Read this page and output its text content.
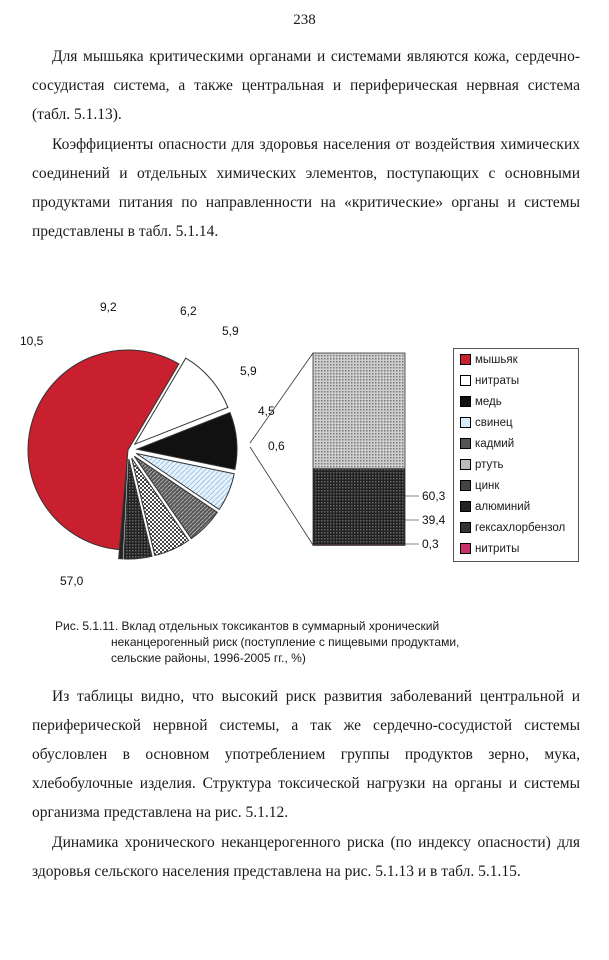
238

Для мышьяка критическими органами и системами являются кожа, сердечно-сосудистая система, а также центральная и периферическая нервная система (табл. 5.1.13).

Коэффициенты опасности для здоровья населения от воздействия химических соединений и отдельных химических элементов, поступающих с основными продуктами питания по направленности на «критические» органы и системы представлены в табл. 5.1.14.

57,0
10,5
9,2	6,2
5,9
5,9
4,5
0,6
60,3
39,4
0,3
мышьяк
нитраты
медь
свинец
кадмий
ртуть
цинк
алюминий
гексахлорбензол
нитриты
Рис. 5.1.11. Вклад отдельных токсикантов в суммарный хронический
неканцерогенный риск (поступление с пищевыми продуктами,
сельские районы, 1996-2005 гг., %)

Из таблицы видно, что высокий риск развития заболеваний центральной и периферической нервной системы, а так же сердечно-сосудистой системы обусловлен в основном употреблением группы продуктов зерно, мука, хлебобулочные изделия. Структура токсической нагрузки на органы и системы организма представлена на рис. 5.1.12.

Динамика хронического неканцерогенного риска (по индексу опасности) для здоровья сельского населения представлена на рис. 5.1.13 и в табл. 5.1.15.
